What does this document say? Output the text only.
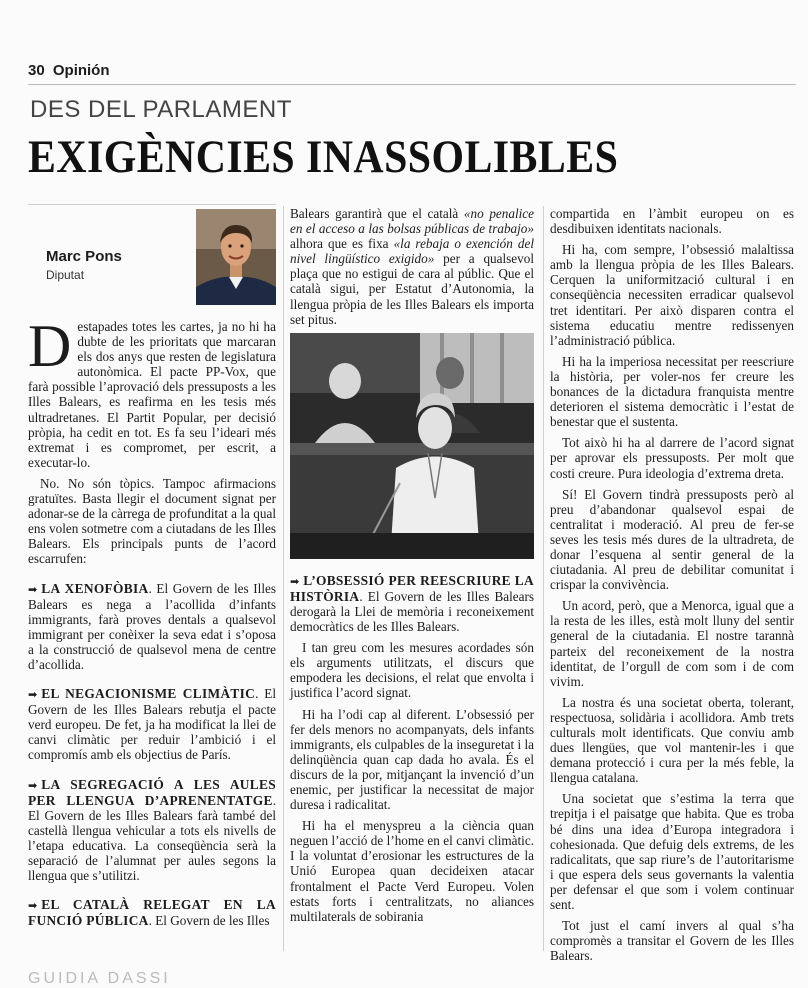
30 Opinión
DES DEL PARLAMENT
EXIGÈNCIES INASSOLIBLES
Marc Pons
Diputat

Destapades totes les cartes, ja no hi ha dubte de les prioritats que marcaran els dos anys que resten de legislatura autonòmica. El pacte PP-Vox, que farà possible l’aprovació dels pressuposts a les Illes Balears, es reafirma en les tesis més ultradretanes. El Partit Popular, per decisió pròpia, ha cedit en tot. Es fa seu l’ideari més extremat i es compromet, per escrit, a executar-lo.

No. No són tòpics. Tampoc afirmacions gratuïtes. Basta llegir el document signat per adonar-se de la càrrega de profunditat a la qual ens volen sotmetre com a ciutadans de les Illes Balears. Els principals punts de l’acord escarrufen:

➡ LA XENOFÒBIA. El Govern de les Illes Balears es nega a l’acollida d’infants immigrants, farà proves dentals a qualsevol immigrant per conèixer la seva edat i s’oposa a la construcció de qualsevol mena de centre d’acollida.

➡ EL NEGACIONISME CLIMÀTIC. El Govern de les Illes Balears rebutja el pacte verd europeu. De fet, ja ha modificat la llei de canvi climàtic per reduir l’ambició i el compromís amb els objectius de París.

➡ LA SEGREGACIÓ A LES AULES PER LLENGUA D’APRENENTATGE. El Govern de les Illes Balears farà també del castellà llengua vehicular a tots els nivells de l’etapa educativa. La conseqüència serà la separació de l’alumnat per aules segons la llengua que s’utilitzi.

➡ EL CATALÀ RELEGAT EN LA FUNCIÓ PÚBLICA. El Govern de les Illes

Balears garantirà que el català «no penalice en el acceso a las bolsas públicas de trabajo» alhora que es fixa «la rebaja o exención del nivel lingüístico exigido» per a qualsevol plaça que no estigui de cara al públic. Que el català sigui, per Estatut d’Autonomia, la llengua pròpia de les Illes Balears els importa set pitus.

➡ L’OBSESSIÓ PER REESCRIURE LA HISTÒRIA. El Govern de les Illes Balears derogarà la Llei de memòria i reconeixement democràtics de les Illes Balears.

I tan greu com les mesures acordades són els arguments utilitzats, el discurs que empodera les decisions, el relat que envolta i justifica l’acord signat.

Hi ha l’odi cap al diferent. L’obsessió per fer dels menors no acompanyats, dels infants immigrants, els culpables de la inseguretat i la delinqüència quan cap dada ho avala. És el discurs de la por, mitjançant la invenció d’un enemic, per justificar la necessitat de major duresa i radicalitat.

Hi ha el menyspreu a la ciència quan neguen l’acció de l’home en el canvi climàtic. I la voluntat d’erosionar les estructures de la Unió Europea quan decideixen atacar frontalment el Pacte Verd Europeu. Volen estats forts i centralitzats, no aliances multilaterals de sobirania

compartida en l’àmbit europeu on es desdibuixen identitats nacionals.

Hi ha, com sempre, l’obsessió malaltissa amb la llengua pròpia de les Illes Balears. Cerquen la uniformització cultural i en conseqüència necessiten erradicar qualsevol tret identitari. Per això disparen contra el sistema educatiu mentre redissenyen l’administració pública.

Hi ha la imperiosa necessitat per reescriure la història, per voler-nos fer creure les bonances de la dictadura franquista mentre deterioren el sistema democràtic i l’estat de benestar que el sustenta.

Tot això hi ha al darrere de l’acord signat per aprovar els pressuposts. Per molt que costi creure. Pura ideologia d’extrema dreta.

Sí! El Govern tindrà pressuposts però al preu d’abandonar qualsevol espai de centralitat i moderació. Al preu de fer-se seves les tesis més dures de la ultradreta, de donar l’esquena al sentir general de la ciutadania. Al preu de debilitar comunitat i crispar la convivència.

Un acord, però, que a Menorca, igual que a la resta de les illes, està molt lluny del sentir general de la ciutadania. El nostre tarannà parteix del reconeixement de la nostra identitat, de l’orgull de com som i de com vivim.

La nostra és una societat oberta, tolerant, respectuosa, solidària i acollidora. Amb trets culturals molt identificats. Que conviu amb dues llengües, que vol mantenir-les i que demana protecció i cura per la més feble, la llengua catalana.

Una societat que s’estima la terra que trepitja i el paisatge que habita. Que es troba bé dins una idea d’Europa integradora i cohesionada. Que defuig dels extrems, de les radicalitats, que sap riure’s de l’autoritarisme i que espera dels seus governants la valentia per defensar el que som i volem continuar sent.

Tot just el camí invers al qual s’ha compromès a transitar el Govern de les Illes Balears.

GUIDIA DASSI
